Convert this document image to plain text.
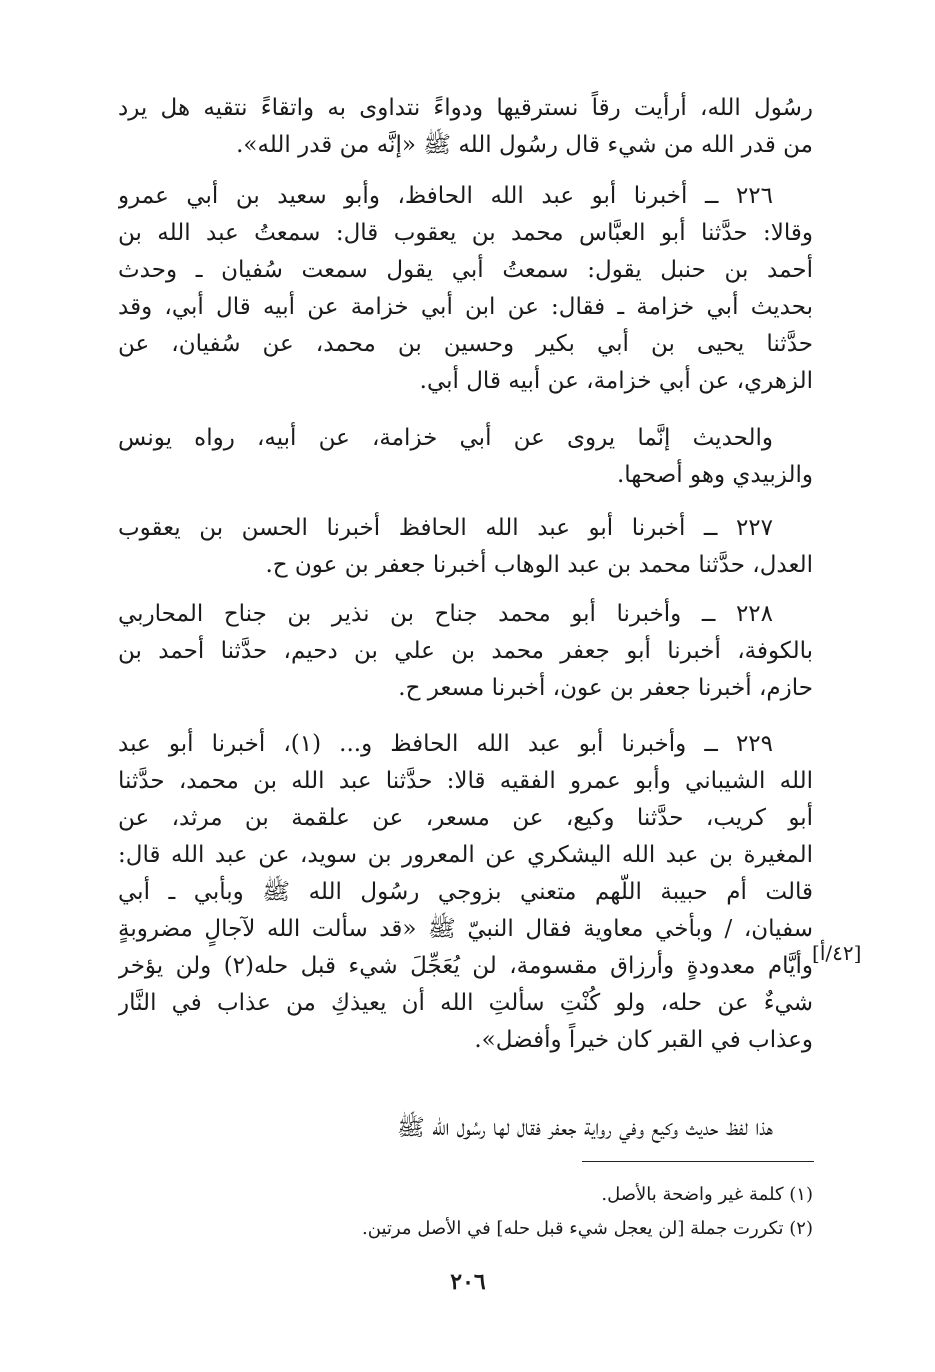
رسُول الله، أرأيت رقاً نسترقيها ودواءً نتداوى به واتقاءً نتقيه هل يرد
من قدر الله من شيء قال رسُول الله ﷺ «إنَّه من قدر الله».
٢٢٦ ــ أخبرنا أبو عبد الله الحافظ، وأبو سعيد بن أبي عمرو
وقالا: حدَّثنا أبو العبَّاس محمد بن يعقوب قال: سمعتُ عبد الله بن
أحمد بن حنبل يقول: سمعتُ أبي يقول سمعت سُفيان ـ وحدث
بحديث أبي خزامة ـ فقال: عن ابن أبي خزامة عن أبيه قال أبي، وقد
حدَّثنا يحيى بن أبي بكير وحسين بن محمد، عن سُفيان، عن
الزهري، عن أبي خزامة، عن أبيه قال أبي.
والحديث إنَّما يروى عن أبي خزامة، عن أبيه، رواه يونس
والزبيدي وهو أصحها.
٢٢٧ ــ أخبرنا أبو عبد الله الحافظ أخبرنا الحسن بن يعقوب
العدل، حدَّثنا محمد بن عبد الوهاب أخبرنا جعفر بن عون ح.
٢٢٨ ــ وأخبرنا أبو محمد جناح بن نذير بن جناح المحاربي
بالكوفة، أخبرنا أبو جعفر محمد بن علي بن دحيم، حدَّثنا أحمد بن
حازم، أخبرنا جعفر بن عون، أخبرنا مسعر ح.
٢٢٩ ــ وأخبرنا أبو عبد الله الحافظ و... (١)، أخبرنا أبو عبد
الله الشيباني وأبو عمرو الفقيه قالا: حدَّثنا عبد الله بن محمد، حدَّثنا
أبو كريب، حدَّثنا وكيع، عن مسعر، عن علقمة بن مرثد، عن
المغيرة بن عبد الله اليشكري عن المعرور بن سويد، عن عبد الله قال:
قالت أم حبيبة اللَّهم متعني بزوجي رسُول الله ﷺ وبأبي ـ أبي
سفيان، / وبأخي معاوية فقال النبيّ ﷺ «قد سألت الله لآجالٍ مضروبةٍ
وأيَّام معدودةٍ وأرزاق مقسومة، لن يُعَجِّلَ شيء قبل حله(٢) ولن يؤخر
شيءٌ عن حله، ولو كُنْتِ سألتِ الله أن يعيذكِ من عذاب في النَّار
وعذاب في القبر كان خيراً وأفضل».
هذا لفظ حديث وكيع وفي رواية جعفر فقال لها رسُول الله ﷺ
[٤٢/أ]
(١) كلمة غير واضحة بالأصل.
(٢) تكررت جملة [لن يعجل شيء قبل حله] في الأصل مرتين.
٢٠٦
